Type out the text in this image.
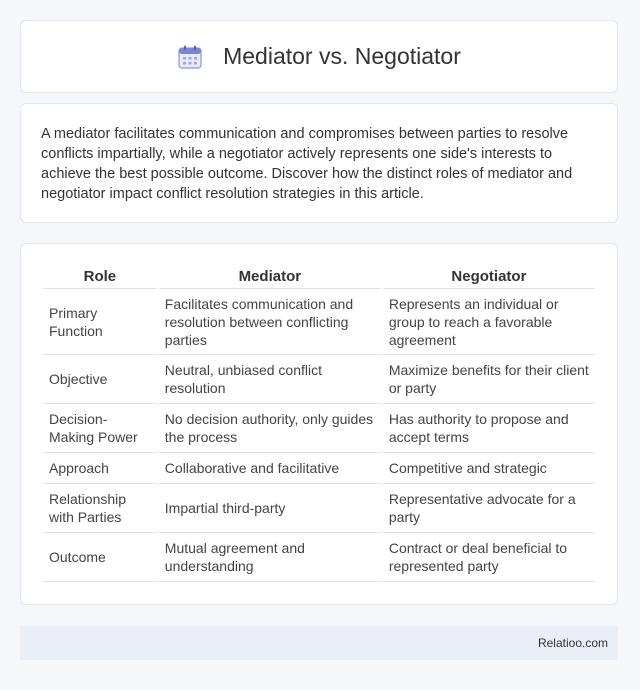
Mediator vs. Negotiator

A mediator facilitates communication and compromises between parties to resolve conflicts impartially, while a negotiator actively represents one side's interests to achieve the best possible outcome. Discover how the distinct roles of mediator and negotiator impact conflict resolution strategies in this article.

Role	Mediator	Negotiator
Primary Function	Facilitates communication and resolution between conflicting parties	Represents an individual or group to reach a favorable agreement
Objective	Neutral, unbiased conflict resolution	Maximize benefits for their client or party
Decision-Making Power	No decision authority, only guides the process	Has authority to propose and accept terms
Approach	Collaborative and facilitative	Competitive and strategic
Relationship with Parties	Impartial third-party	Representative advocate for a party
Outcome	Mutual agreement and understanding	Contract or deal beneficial to represented party
Relatioo.com
